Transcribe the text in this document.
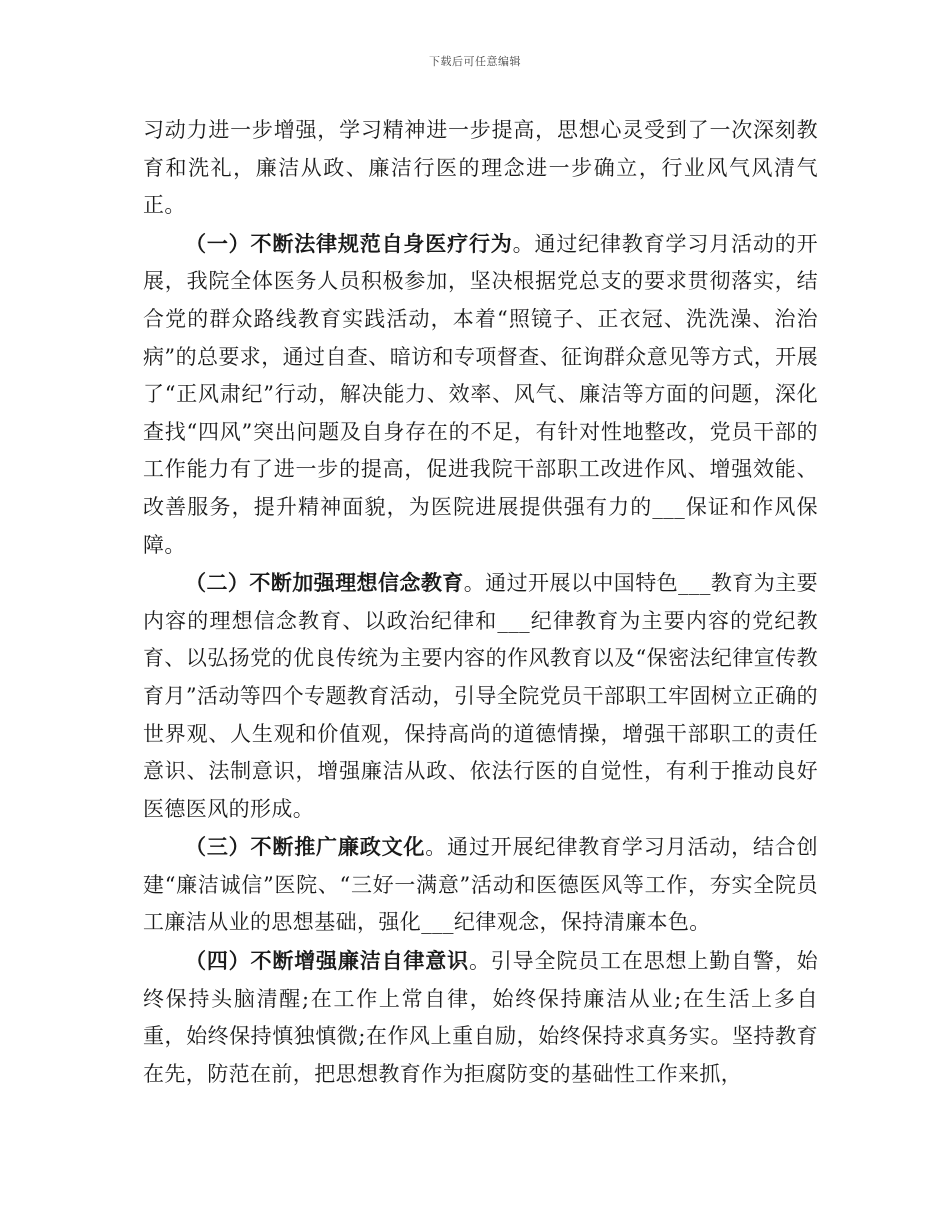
下载后可任意编辑

习动力进一步增强，学习精神进一步提高，思想心灵受到了一次深刻教育和洗礼，廉洁从政、廉洁行医的理念进一步确立，行业风气风清气正。

（一）不断法律规范自身医疗行为。通过纪律教育学习月活动的开展，我院全体医务人员积极参加，坚决根据党总支的要求贯彻落实，结合党的群众路线教育实践活动，本着“照镜子、正衣冠、洗洗澡、治治病”的总要求，通过自查、暗访和专项督查、征询群众意见等方式，开展了“正风肃纪”行动，解决能力、效率、风气、廉洁等方面的问题，深化查找“四风”突出问题及自身存在的不足，有针对性地整改，党员干部的工作能力有了进一步的提高，促进我院干部职工改进作风、增强效能、改善服务，提升精神面貌，为医院进展提供强有力的___保证和作风保障。

（二）不断加强理想信念教育。通过开展以中国特色___教育为主要内容的理想信念教育、以政治纪律和___纪律教育为主要内容的党纪教育、以弘扬党的优良传统为主要内容的作风教育以及“保密法纪律宣传教育月”活动等四个专题教育活动，引导全院党员干部职工牢固树立正确的世界观、人生观和价值观，保持高尚的道德情操，增强干部职工的责任意识、法制意识，增强廉洁从政、依法行医的自觉性，有利于推动良好医德医风的形成。

（三）不断推广廉政文化。通过开展纪律教育学习月活动，结合创建“廉洁诚信”医院、“三好一满意”活动和医德医风等工作，夯实全院员工廉洁从业的思想基础，强化___纪律观念，保持清廉本色。

（四）不断增强廉洁自律意识。引导全院员工在思想上勤自警，始终保持头脑清醒;在工作上常自律，始终保持廉洁从业;在生活上多自重，始终保持慎独慎微;在作风上重自励，始终保持求真务实。坚持教育在先，防范在前，把思想教育作为拒腐防变的基础性工作来抓，
